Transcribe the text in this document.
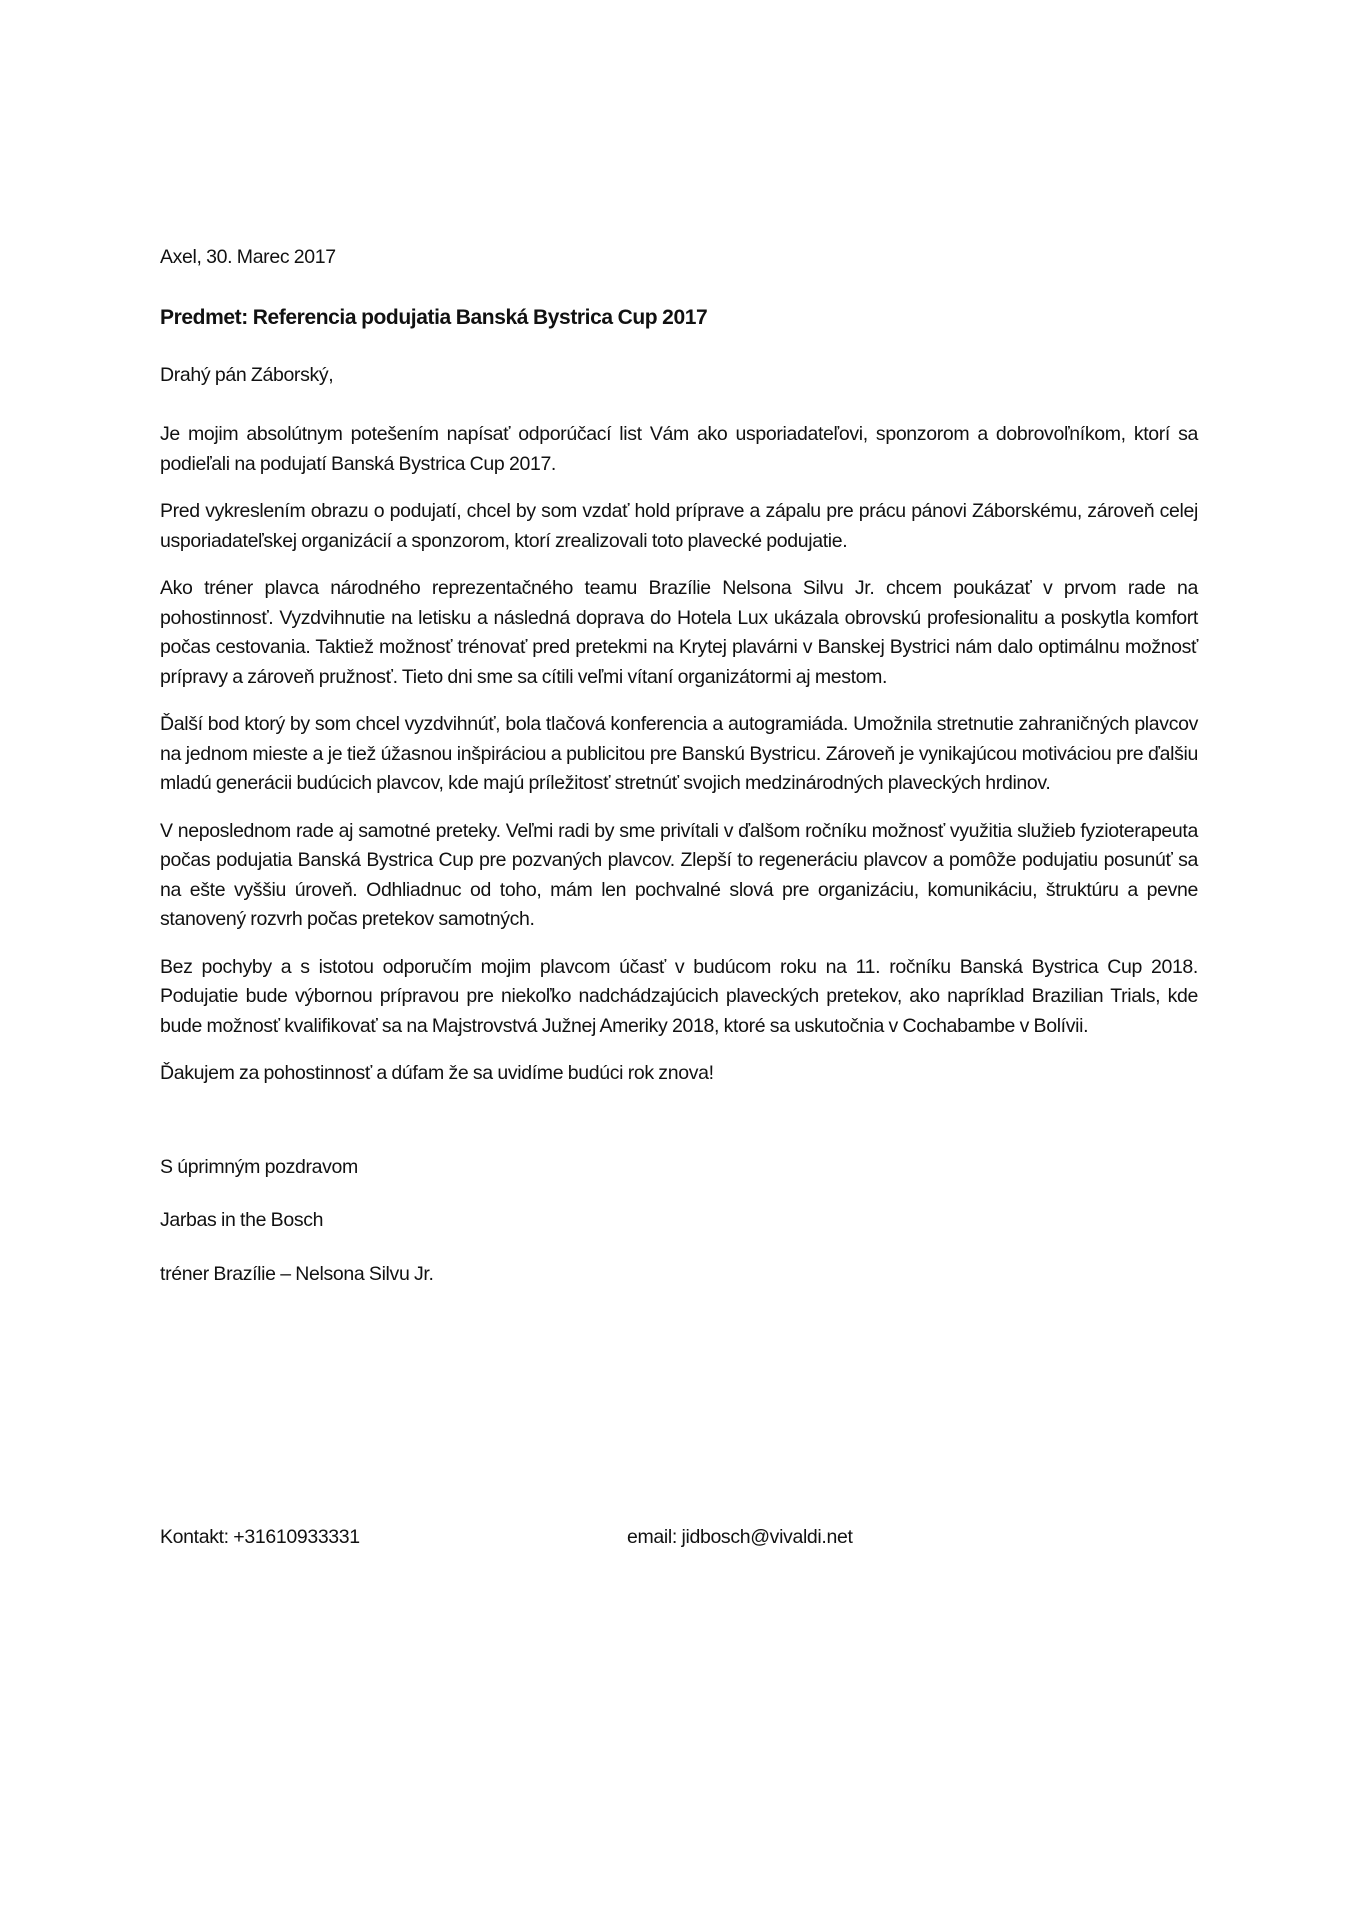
Axel, 30. Marec 2017

Predmet: Referencia podujatia Banská Bystrica Cup 2017

Drahý pán Záborský,

Je mojim absolútnym potešením napísať odporúčací list Vám ako usporiadateľovi, sponzorom a dobrovoľníkom, ktorí sa podieľali na podujatí Banská Bystrica Cup 2017.

Pred vykreslením obrazu o podujatí, chcel by som vzdať hold príprave a zápalu pre prácu pánovi Záborskému, zároveň celej usporiadateľskej organizácií a sponzorom, ktorí zrealizovali toto plavecké podujatie.

Ako tréner plavca národného reprezentačného teamu Brazílie Nelsona Silvu Jr. chcem poukázať v prvom rade na pohostinnosť. Vyzdvihnutie na letisku a následná doprava do Hotela Lux ukázala obrovskú profesionalitu a poskytla komfort počas cestovania. Taktiež možnosť trénovať pred pretekmi na Krytej plavárni v Banskej Bystrici nám dalo optimálnu možnosť prípravy a zároveň pružnosť. Tieto dni sme sa cítili veľmi vítaní organizátormi aj mestom.

Ďalší bod ktorý by som chcel vyzdvihnúť, bola tlačová konferencia a autogramiáda. Umožnila stretnutie zahraničných plavcov na jednom mieste a je tiež úžasnou inšpiráciou a publicitou pre Banskú Bystricu. Zároveň je vynikajúcou motiváciou pre ďalšiu mladú generácii budúcich plavcov, kde majú príležitosť stretnúť svojich medzinárodných plaveckých hrdinov.

V neposlednom rade aj samotné preteky. Veľmi radi by sme privítali v ďalšom ročníku možnosť využitia služieb fyzioterapeuta počas podujatia Banská Bystrica Cup pre pozvaných plavcov. Zlepší to regeneráciu plavcov a pomôže podujatiu posunúť sa na ešte vyššiu úroveň. Odhliadnuc od toho, mám len pochvalné slová pre organizáciu, komunikáciu, štruktúru a pevne stanovený rozvrh počas pretekov samotných.

Bez pochyby a s istotou odporučím mojim plavcom účasť v budúcom roku na 11. ročníku Banská Bystrica Cup 2018. Podujatie bude výbornou prípravou pre niekoľko nadchádzajúcich plaveckých pretekov, ako napríklad Brazilian Trials, kde bude možnosť kvalifikovať sa na Majstrovstvá Južnej Ameriky 2018, ktoré sa uskutočnia v Cochabambe v Bolívii.

Ďakujem za pohostinnosť a dúfam že sa uvidíme budúci rok znova!

S úprimným pozdravom

Jarbas in the Bosch

tréner Brazílie – Nelsona Silvu Jr.

Kontakt: +31610933331	email: jidbosch@vivaldi.net
